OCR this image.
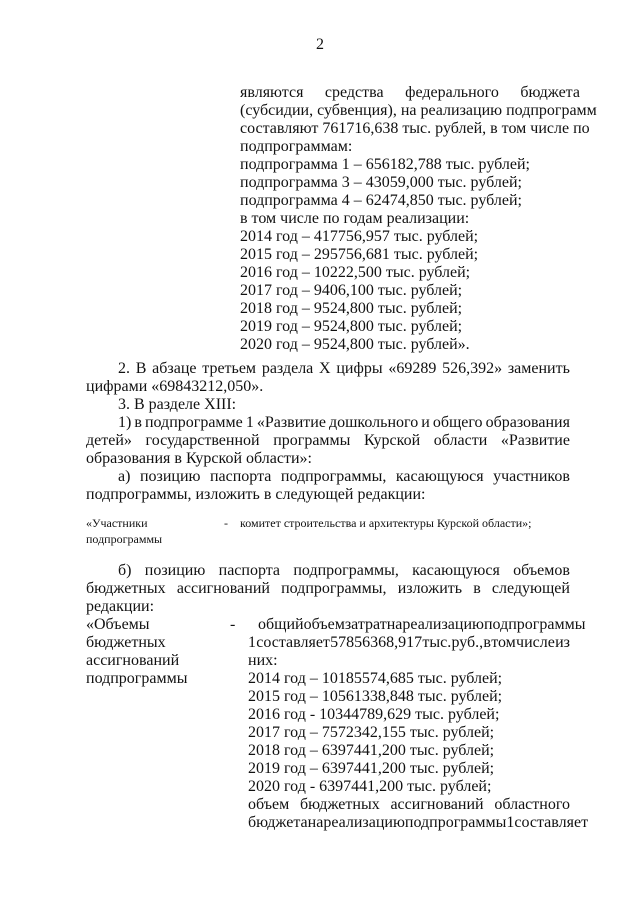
2
являются средства федерального бюджета
(субсидии, субвенция), на реализацию подпрограмм
составляют 761716,638 тыс. рублей, в том числе по
подпрограммам:
подпрограмма 1 – 656182,788 тыс. рублей;
подпрограмма 3 – 43059,000 тыс. рублей;
подпрограмма 4 – 62474,850 тыс. рублей;
в том числе по годам реализации:
2014 год – 417756,957 тыс. рублей;
2015 год – 295756,681 тыс. рублей;
2016 год – 10222,500 тыс. рублей;
2017 год – 9406,100 тыс. рублей;
2018 год – 9524,800 тыс. рублей;
2019 год – 9524,800 тыс. рублей;
2020 год – 9524,800 тыс. рублей».
2. В абзаце третьем раздела X цифры «69289 526,392» заменить
цифрами «69843212,050».
3. В разделе XIII:
1) в подпрограмме 1 «Развитие дошкольного и общего образования
детей» государственной программы Курской области «Развитие
образования в Курской области»:
а) позицию паспорта подпрограммы, касающуюся участников
подпрограммы, изложить в следующей редакции:
«Участники
подпрограммы
- комитет строительства и архитектуры Курской области»;
б) позицию паспорта подпрограммы, касающуюся объемов
бюджетных ассигнований подпрограммы, изложить в следующей
редакции:
«Объемы
бюджетных
ассигнований
подпрограммы
- общий объем затрат на реализацию подпрограммы
1 составляет 57856368,917 тыс. руб., в том числе из
них:
2014 год – 10185574,685 тыс. рублей;
2015 год – 10561338,848 тыс. рублей;
2016 год - 10344789,629 тыс. рублей;
2017 год – 7572342,155 тыс. рублей;
2018 год – 6397441,200 тыс. рублей;
2019 год – 6397441,200 тыс. рублей;
2020 год - 6397441,200 тыс. рублей;
объем бюджетных ассигнований областного
бюджета на реализацию подпрограммы 1 составляет
